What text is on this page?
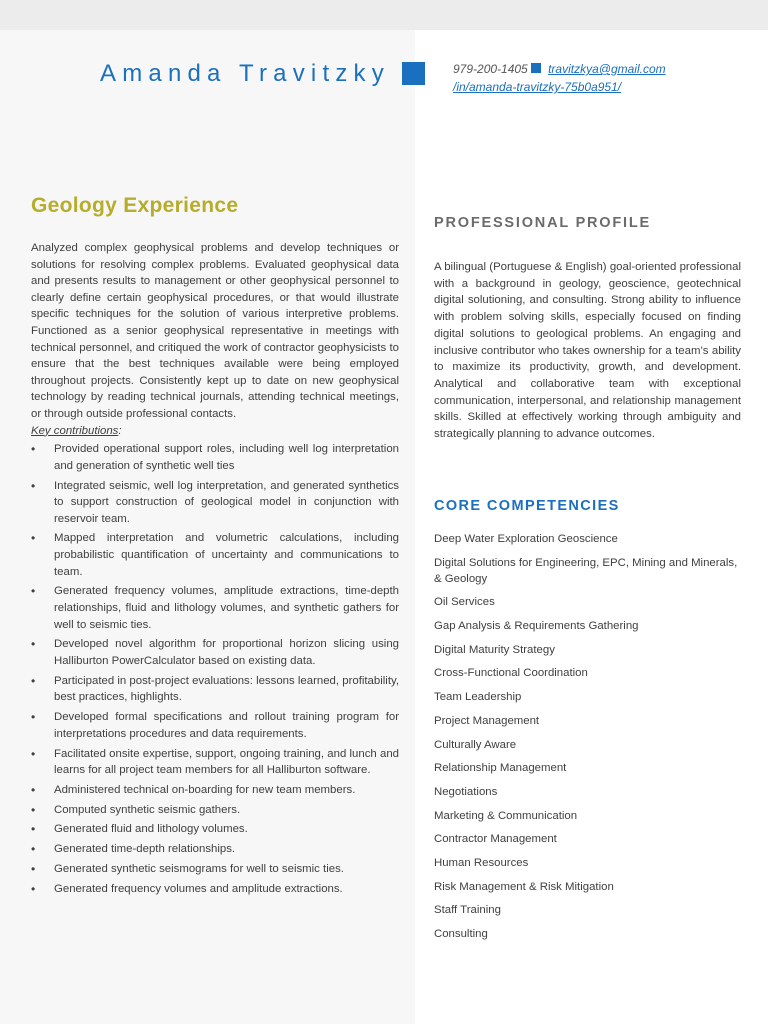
Amanda Travitzky	979-200-1405 travitzkya@gmail.com
/in/amanda-travitzky-75b0a951/
Geology Experience

Analyzed complex geophysical problems and develop techniques or solutions for resolving complex problems. Evaluated geophysical data and presents results to management or other geophysical personnel to clearly define certain geophysical procedures, or that would illustrate specific techniques for the solution of various interpretive problems. Functioned as a senior geophysical representative in meetings with technical personnel, and critiqued the work of contractor geophysicists to ensure that the best techniques available were being employed throughout projects. Consistently kept up to date on new geophysical technology by reading technical journals, attending technical meetings, or through outside professional contacts.

Key contributions:
• Provided operational support roles, including well log interpretation and generation of synthetic well ties
• Integrated seismic, well log interpretation, and generated synthetics to support construction of geological model in conjunction with reservoir team.
• Mapped interpretation and volumetric calculations, including probabilistic quantification of uncertainty and communications to team.
• Generated frequency volumes, amplitude extractions, time-depth relationships, fluid and lithology volumes, and synthetic gathers for well to seismic ties.
• Developed novel algorithm for proportional horizon slicing using Halliburton PowerCalculator based on existing data.
• Participated in post-project evaluations: lessons learned, profitability, best practices, highlights.
• Developed formal specifications and rollout training program for interpretations procedures and data requirements.
• Facilitated onsite expertise, support, ongoing training, and lunch and learns for all project team members for all Halliburton software.
• Administered technical on-boarding for new team members.
• Computed synthetic seismic gathers.
• Generated fluid and lithology volumes.
• Generated time-depth relationships.
• Generated synthetic seismograms for well to seismic ties.
• Generated frequency volumes and amplitude extractions.
PROFESSIONAL PROFILE

A bilingual (Portuguese & English) goal-oriented professional with a background in geology, geoscience, geotechnical digital solutioning, and consulting. Strong ability to influence with problem solving skills, especially focused on finding digital solutions to geological problems. An engaging and inclusive contributor who takes ownership for a team’s ability to maximize its productivity, growth, and development. Analytical and collaborative team with exceptional communication, interpersonal, and relationship management skills. Skilled at effectively working through ambiguity and strategically planning to advance outcomes.

CORE COMPETENCIES
Deep Water Exploration Geoscience
Digital Solutions for Engineering, EPC, Mining and Minerals, & Geology
Oil Services
Gap Analysis & Requirements Gathering
Digital Maturity Strategy
Cross-Functional Coordination
Team Leadership
Project Management
Culturally Aware
Relationship Management
Negotiations
Marketing & Communication
Contractor Management
Human Resources
Risk Management & Risk Mitigation
Staff Training
Consulting
